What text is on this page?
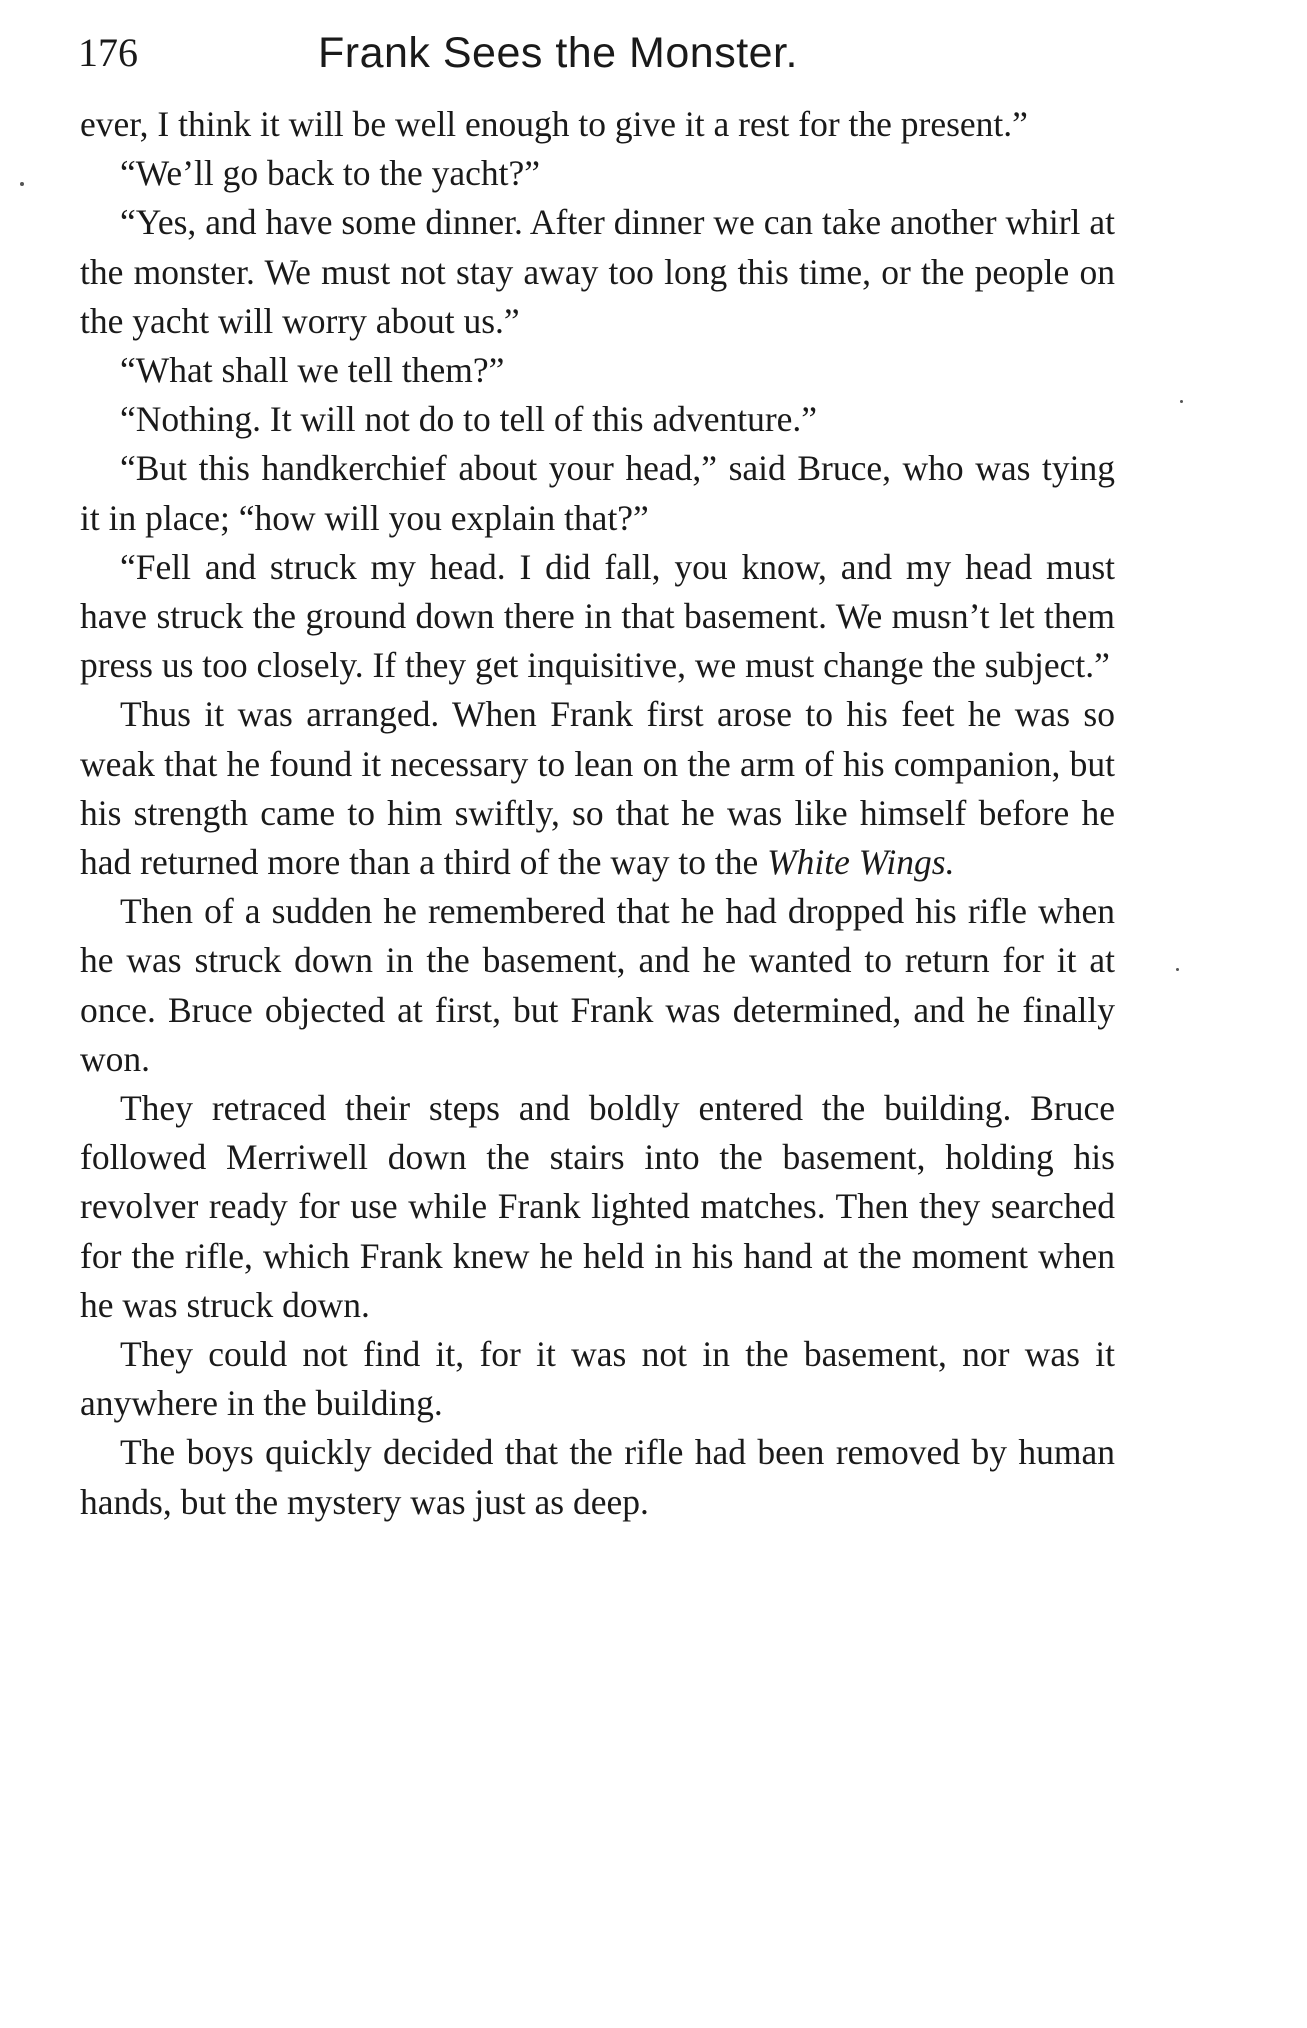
176	Frank Sees the Monster.

ever, I think it will be well enough to give it a rest for the present.”

“We’ll go back to the yacht?”

“Yes, and have some dinner. After dinner we can take another whirl at the monster. We must not stay away too long this time, or the people on the yacht will worry about us.”

“What shall we tell them?”

“Nothing. It will not do to tell of this adventure.”

“But this handkerchief about your head,” said Bruce, who was tying it in place; “how will you explain that?”

“Fell and struck my head. I did fall, you know, and my head must have struck the ground down there in that basement. We musn’t let them press us too closely. If they get inquisitive, we must change the subject.”

Thus it was arranged. When Frank first arose to his feet he was so weak that he found it necessary to lean on the arm of his companion, but his strength came to him swiftly, so that he was like himself before he had returned more than a third of the way to the White Wings.

Then of a sudden he remembered that he had dropped his rifle when he was struck down in the basement, and he wanted to return for it at once. Bruce objected at first, but Frank was determined, and he finally won.

They retraced their steps and boldly entered the building. Bruce followed Merriwell down the stairs into the basement, holding his revolver ready for use while Frank lighted matches. Then they searched for the rifle, which Frank knew he held in his hand at the moment when he was struck down.

They could not find it, for it was not in the basement, nor was it anywhere in the building.

The boys quickly decided that the rifle had been removed by human hands, but the mystery was just as deep.
